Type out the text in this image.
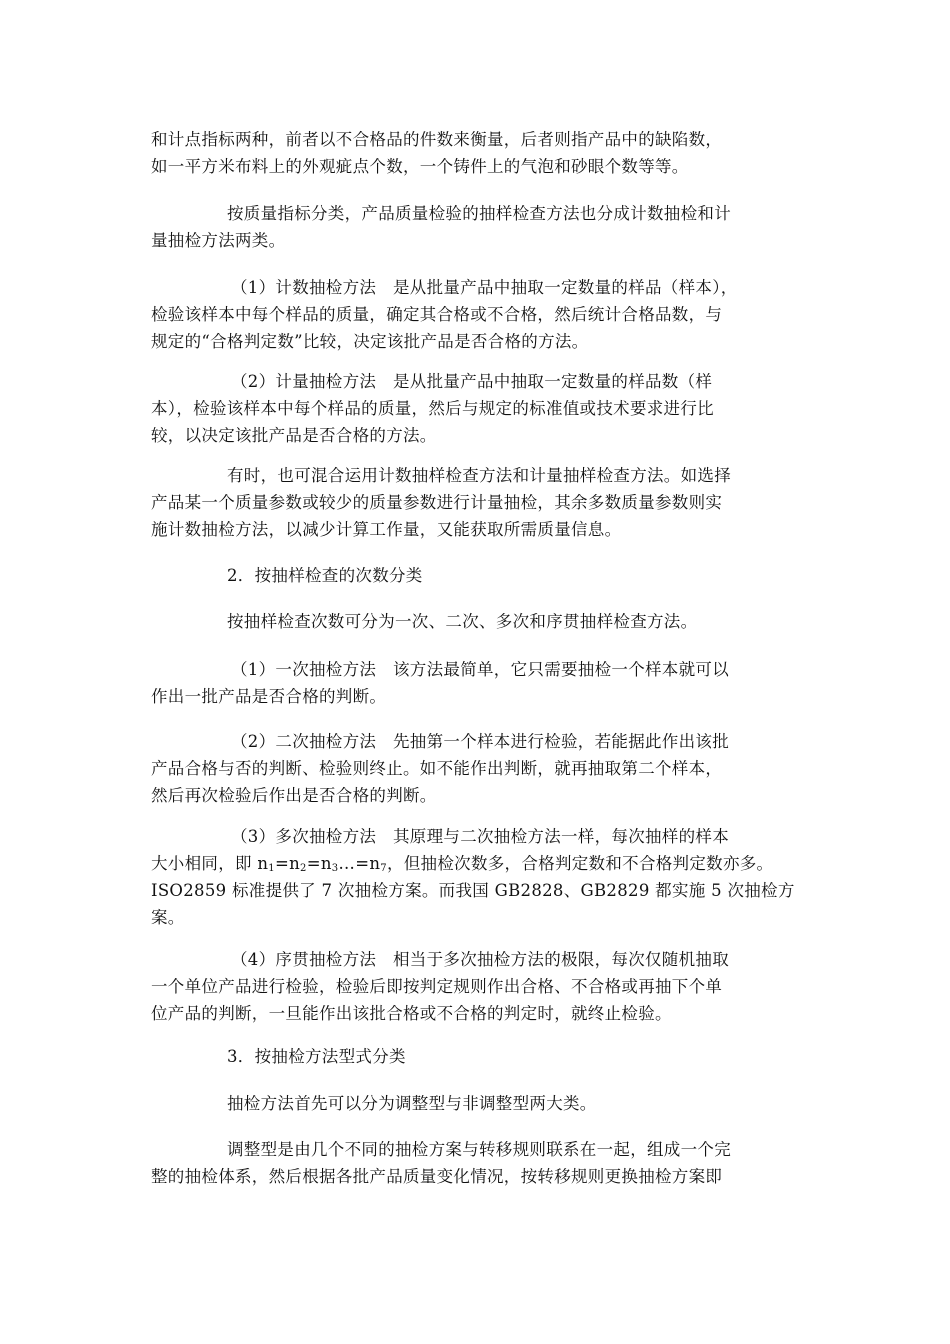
和计点指标两种，前者以不合格品的件数来衡量，后者则指产品中的缺陷数，
如一平方米布料上的外观疵点个数，一个铸件上的气泡和砂眼个数等等。

按质量指标分类，产品质量检验的抽样检查方法也分成计数抽检和计
量抽检方法两类。

（1）计数抽检方法　是从批量产品中抽取一定数量的样品（样本），
检验该样本中每个样品的质量，确定其合格或不合格，然后统计合格品数，与
规定的“合格判定数”比较，决定该批产品是否合格的方法。

（2）计量抽检方法　是从批量产品中抽取一定数量的样品数（样
本），检验该样本中每个样品的质量，然后与规定的标准值或技术要求进行比
较，以决定该批产品是否合格的方法。

有时，也可混合运用计数抽样检查方法和计量抽样检查方法。如选择
产品某一个质量参数或较少的质量参数进行计量抽检，其余多数质量参数则实
施计数抽检方法，以减少计算工作量，又能获取所需质量信息。

2．按抽样检查的次数分类

按抽样检查次数可分为一次、二次、多次和序贯抽样检查方法。

（1）一次抽检方法　该方法最简单，它只需要抽检一个样本就可以
作出一批产品是否合格的判断。

（2）二次抽检方法　先抽第一个样本进行检验，若能据此作出该批
产品合格与否的判断、检验则终止。如不能作出判断，就再抽取第二个样本，
然后再次检验后作出是否合格的判断。

（3）多次抽检方法　其原理与二次抽检方法一样，每次抽样的样本
大小相同，即 $n_1=n_2=n_3\dots=n_7$，但抽检次数多，合格判定数和不合格判定数亦多。
ISO2859 标准提供了 7 次抽检方案。而我国 GB2828、GB2829 都实施 5 次抽检方
案。

（4）序贯抽检方法　相当于多次抽检方法的极限，每次仅随机抽取
一个单位产品进行检验，检验后即按判定规则作出合格、不合格或再抽下个单
位产品的判断，一旦能作出该批合格或不合格的判定时，就终止检验。

3．按抽检方法型式分类

抽检方法首先可以分为调整型与非调整型两大类。

调整型是由几个不同的抽检方案与转移规则联系在一起，组成一个完
整的抽检体系，然后根据各批产品质量变化情况，按转移规则更换抽检方案即
